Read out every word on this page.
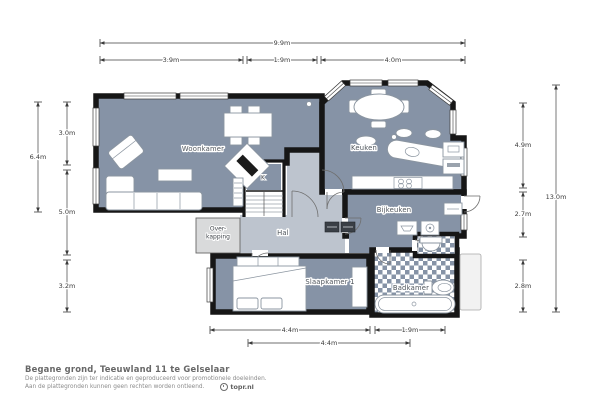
Woonkamer	Keuken
Bijkeuken
Hal
Over-
kapping
Slaapkamer 1
Badkamer
K
9.9m
3.9m	1.9m	4.0m
6.4m
3.0m
5.0m
3.2m
4.9m
2.7m
2.8m
13.0m
4.4m	1.9m
4.4m
Begane grond, Teeuwland 11 te Gelselaar
De plattegronden zijn ter indicatie en geproduceerd voor promotionele doeleinden.
Aan de plattegronden kunnen geen rechten worden ontleend.	topr.nl
